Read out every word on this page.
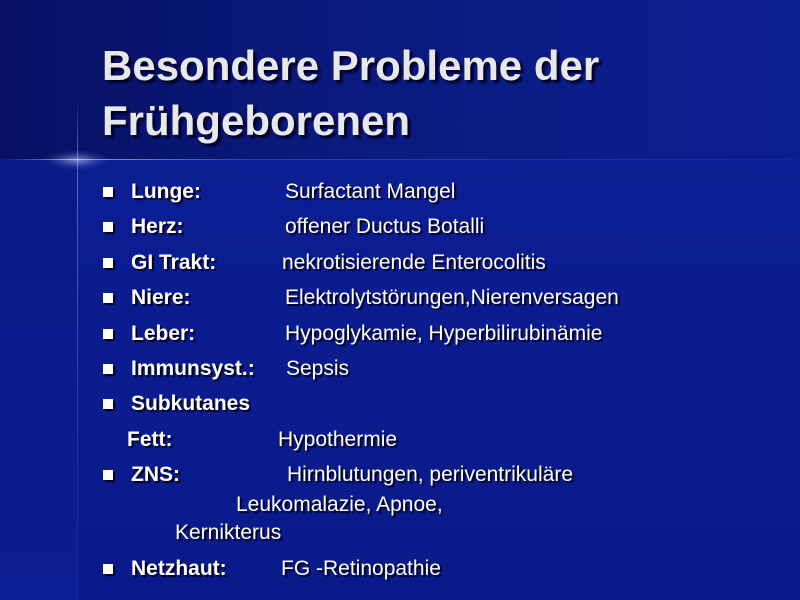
Besondere Probleme der
Frühgeborenen
Lunge:	Surfactant Mangel
Herz:	offener Ductus Botalli
GI Trakt:	nekrotisierende Enterocolitis
Niere:	Elektrolytstörungen,Nierenversagen
Leber:	Hypoglykamie, Hyperbilirubinämie
Immunsyst.: Sepsis
Subkutanes
Fett:	Hypothermie
ZNS:	Hirnblutungen, periventrikuläre
Leukomalazie, Apnoe,
Kernikterus
Netzhaut:	FG -Retinopathie
